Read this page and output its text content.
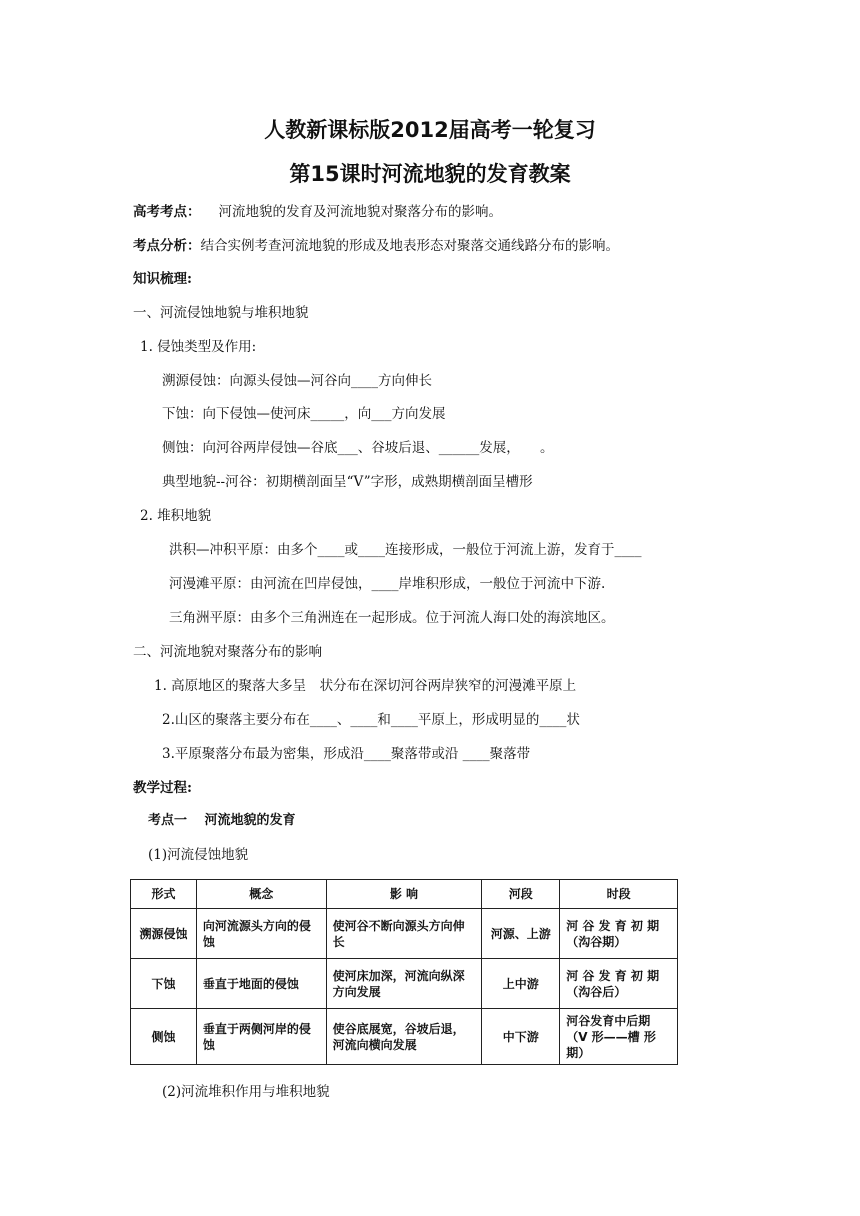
人教新课标版2012届高考一轮复习
第15课时河流地貌的发育教案
高考考点： 河流地貌的发育及河流地貌对聚落分布的影响。
考点分析：结合实例考查河流地貌的形成及地表形态对聚落交通线路分布的影响。
知识梳理:
一、河流侵蚀地貌与堆积地貌
1. 侵蚀类型及作用:
溯源侵蚀：向源头侵蚀—河谷向____方向伸长
下蚀：向下侵蚀—使河床_____，向___方向发展
侧蚀：向河谷两岸侵蚀—谷底___、谷坡后退、______发展，　　。
典型地貌--河谷：初期横剖面呈“V”字形，成熟期横剖面呈槽形
2. 堆积地貌
洪积—冲积平原：由多个____或____连接形成，一般位于河流上游，发育于____
河漫滩平原：由河流在凹岸侵蚀，____岸堆积形成，一般位于河流中下游.
三角洲平原：由多个三角洲连在一起形成。位于河流人海口处的海滨地区。
二、河流地貌对聚落分布的影响
1. 高原地区的聚落大多呈　状分布在深切河谷两岸狭窄的河漫滩平原上
2.山区的聚落主要分布在____、____和____平原上，形成明显的____状
3.平原聚落分布最为密集，形成沿____聚落带或沿 ____聚落带
教学过程:
考点一　 河流地貌的发育
(1)河流侵蚀地貌
形式	概念	影 响	河段	时段
溯源侵蚀	向河流源头方向的侵蚀	使河谷不断向源头方向伸长	河源、上游	河 谷 发 育 初 期（沟谷期）
下蚀	垂直于地面的侵蚀	使河床加深，河流向纵深方向发展	上中游	河 谷 发 育 初 期（沟谷后）
侧蚀	垂直于两侧河岸的侵蚀	使谷底展宽，谷坡后退，河流向横向发展	中下游	河谷发育中后期（V 形——槽 形 期）
(2)河流堆积作用与堆积地貌
